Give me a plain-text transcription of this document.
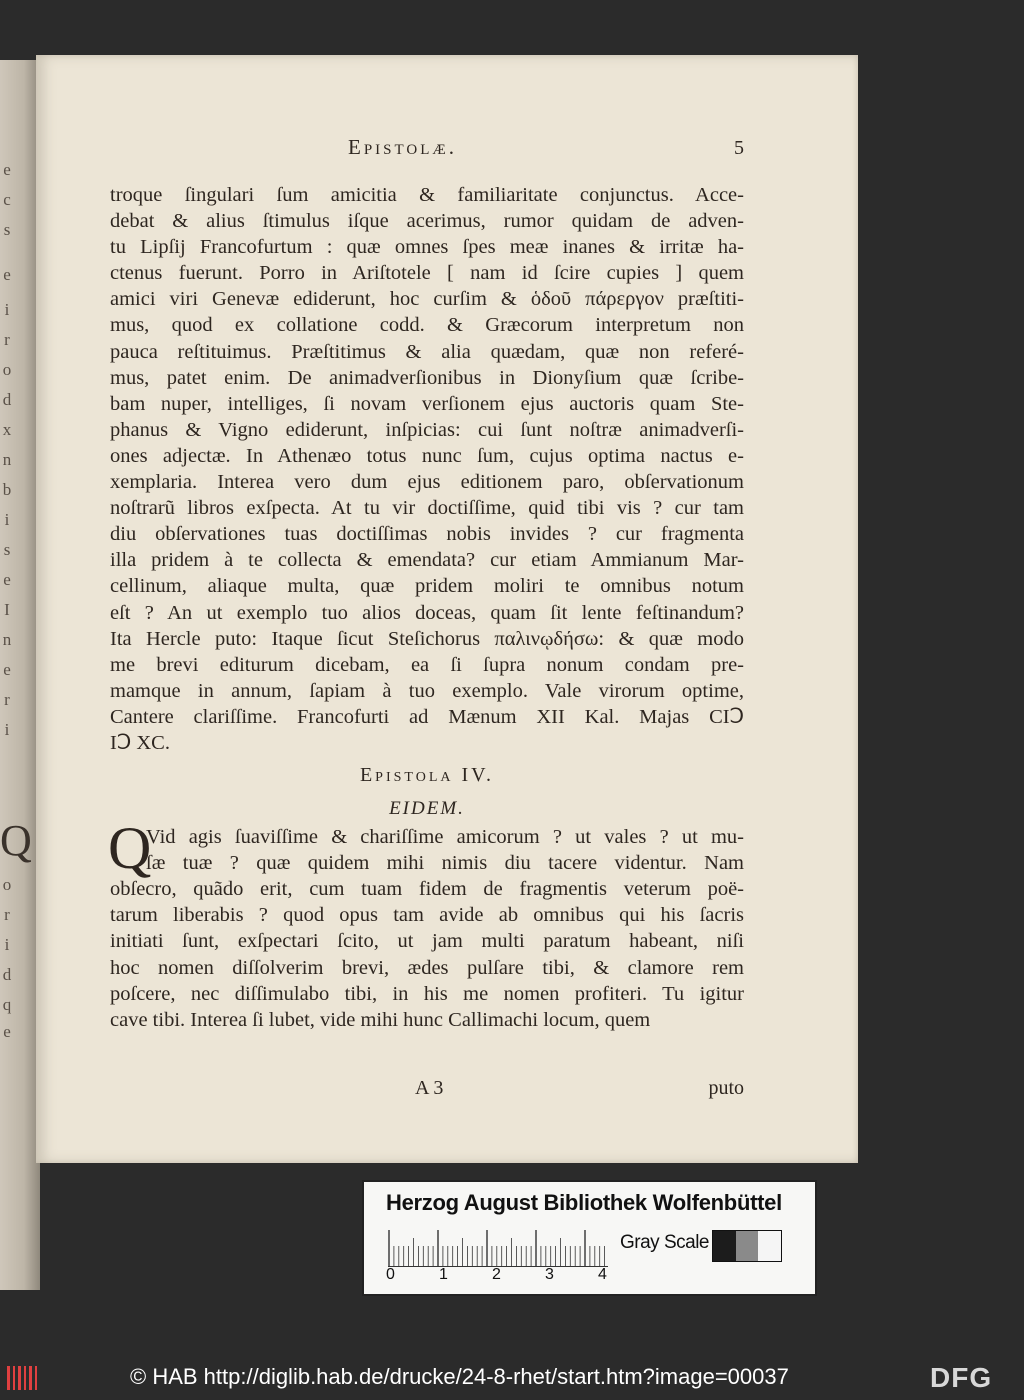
e
c
s
e
i
r
o
d
x
n
b
i
s
e
I
n
e
r
i
o
r
i
d
q
e
Q
Epistolæ.	5
troque ſingulari ſum amicitia & familiaritate conjunctus. Acce-
debat & alius ſtimulus iſque acerimus, rumor quidam de adven-
tu Lipſij Francofurtum : quæ omnes ſpes meæ inanes & irritæ ha-
ctenus fuerunt. Porro in Ariſtotele [ nam id ſcire cupies ] quem
amici viri Genevæ ediderunt, hoc curſim & ὁδοῦ πάρεργον præſtiti-
mus, quod ex collatione codd. & Græcorum interpretum non
pauca reſtituimus. Præſtitimus & alia quædam, quæ non referé-
mus, patet enim. De animadverſionibus in Dionyſium quæ ſcribe-
bam nuper, intelliges, ſi novam verſionem ejus auctoris quam Ste-
phanus & Vigno ediderunt, inſpicias: cui ſunt noſtræ animadverſi-
ones adjectæ. In Athenæo totus nunc ſum, cujus optima nactus e-
xemplaria. Interea vero dum ejus editionem paro, obſervationum
noſtrarũ libros exſpecta. At tu vir doctiſſime, quid tibi vis ? cur tam
diu obſervationes tuas doctiſſimas nobis invides ? cur fragmenta
illa pridem à te collecta & emendata? cur etiam Ammianum Mar-
cellinum, aliaque multa, quæ pridem moliri te omnibus notum
eſt ? An ut exemplo tuo alios doceas, quam ſit lente feſtinandum?
Ita Hercle puto: Itaque ſicut Steſichorus παλινῳδήσω: & quæ modo
me brevi editurum dicebam, ea ſi ſupra nonum condam pre-
mamque in annum, ſapiam à tuo exemplo. Vale virorum optime,
Cantere clariſſime. Francofurti ad Mænum XII Kal. Majas CIↃ
IↃ XC.
Epistola IV.
EIDEM.
Q
Vid agis ſuaviſſime & chariſſime amicorum ? ut vales ? ut mu-
ſæ tuæ ? quæ quidem mihi nimis diu tacere videntur. Nam
obſecro, quãdo erit, cum tuam fidem de fragmentis veterum poë-
tarum liberabis ? quod opus tam avide ab omnibus qui his ſacris
initiati ſunt, exſpectari ſcito, ut jam multi paratum habeant, niſi
hoc nomen diſſolverim brevi, ædes pulſare tibi, & clamore rem
poſcere, nec diſſimulabo tibi, in his me nomen profiteri. Tu igitur
cave tibi. Interea ſi lubet, vide mihi hunc Callimachi locum, quem
A 3	puto
Herzog August Bibliothek Wolfenbüttel
0	1	2	3	4
Gray Scale
© HAB http://diglib.hab.de/drucke/24-8-rhet/start.htm?image=00037	DFG
